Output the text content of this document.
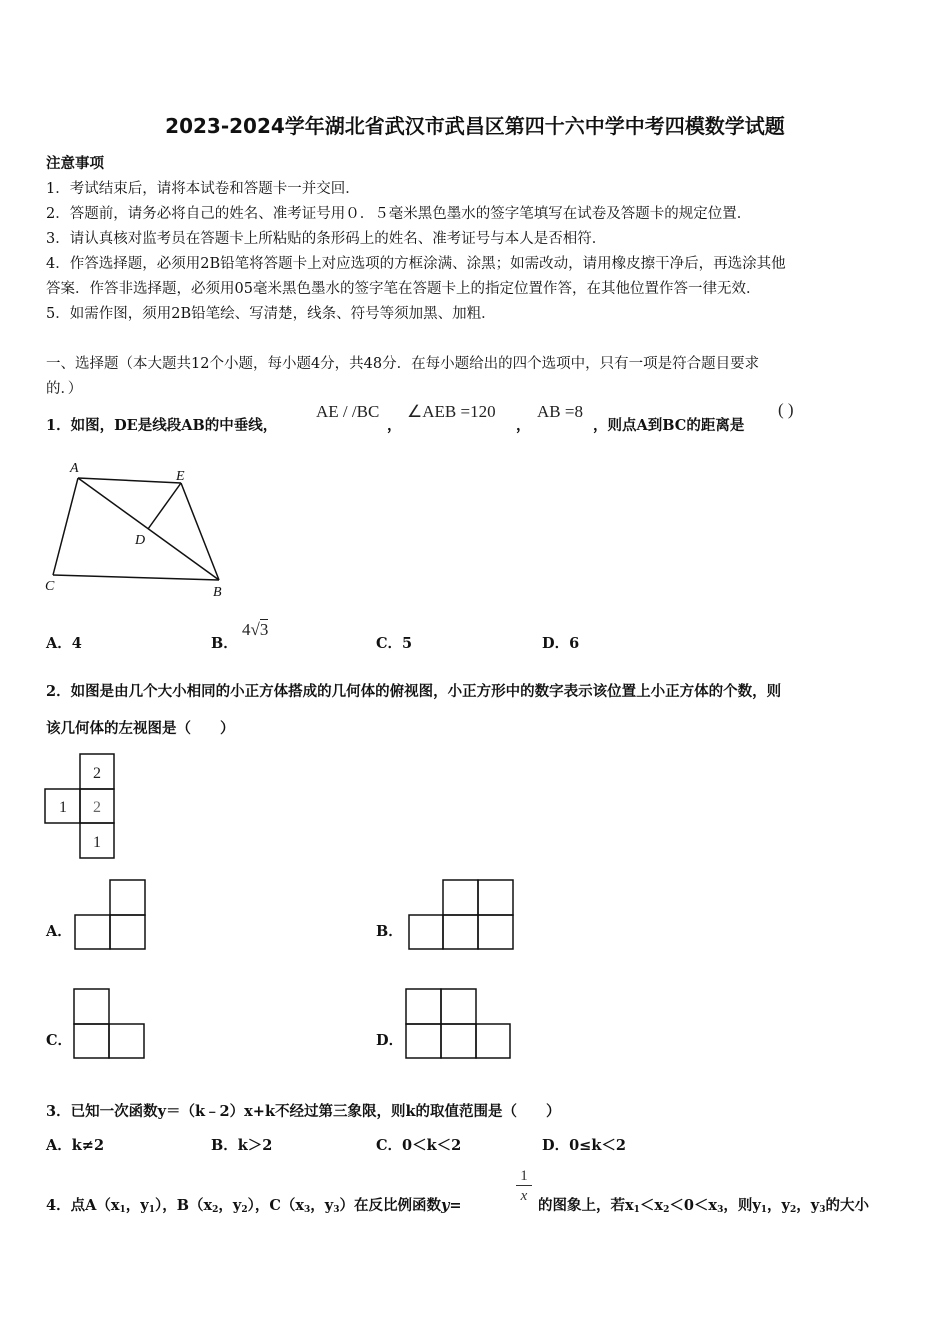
2023-2024学年湖北省武汉市武昌区第四十六中学中考四模数学试题
注意事项
1．考试结束后，请将本试卷和答题卡一并交回．
2．答题前，请务必将自己的姓名、准考证号用０．５毫米黑色墨水的签字笔填写在试卷及答题卡的规定位置．
3．请认真核对监考员在答题卡上所粘贴的条形码上的姓名、准考证号与本人是否相符．
4．作答选择题，必须用2B铅笔将答题卡上对应选项的方框涂满、涂黑；如需改动，请用橡皮擦干净后，再选涂其他
答案．作答非选择题，必须用05毫米黑色墨水的签字笔在答题卡上的指定位置作答，在其他位置作答一律无效．
5．如需作图，须用2B铅笔绘、写清楚，线条、符号等须加黑、加粗．
一、选择题（本大题共12个小题，每小题4分，共48分．在每小题给出的四个选项中，只有一项是符合题目要求
的．）
1．如图，DE是线段AB的中垂线，
AE / /BC
，
∠AEB =120
，
AB =8
，则点A到BC的距离是
( )
A
E
D
C	B
A．4	B．
4√3
C．5	D．6
2．如图是由几个大小相同的小正方体搭成的几何体的俯视图，小正方形中的数字表示该位置上小正方体的个数，则
该几何体的左视图是（　　）
2
1 2
1
A．	B．
C．	D．
3．已知一次函数y＝（k﹣2）x+k不经过第三象限，则k的取值范围是（　　）
A．k≠2	B．k＞2	C．0＜k＜2	D．0≤k＜2
4．点$A(x_1$，$y_1$），$B(x_2$，$y_2$），$C(x_3$，$y_3$）在反比例函数y=	$\frac{1}{x}$ 的图象上，若$x_1<x_2<0<x_3$，则$y_1$，$y_2$，$y_3$的大小
